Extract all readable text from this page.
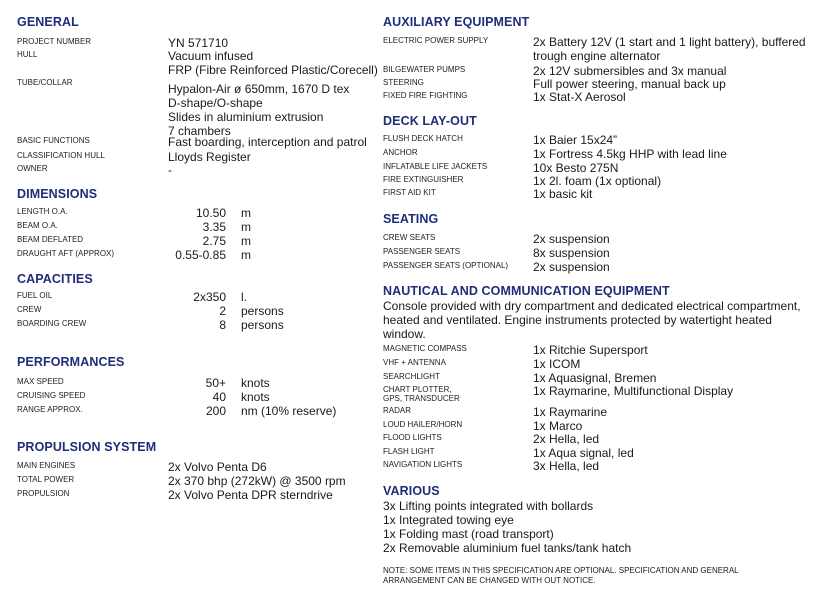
GENERAL
PROJECT NUMBER	YN 571710
HULL	Vacuum infused
FRP (Fibre Reinforced Plastic/Corecell)
TUBE/COLLAR	Hypalon-Air ø 650mm, 1670 D tex
D-shape/O-shape
Slides in aluminium extrusion
7 chambers
BASIC FUNCTIONS	Fast boarding, interception and patrol
CLASSIFICATION HULL	Lloyds Register
OWNER	-
DIMENSIONS
LENGTH O.A.	10.50	m
BEAM O.A.	3.35	m
BEAM DEFLATED	2.75	m
DRAUGHT AFT (APPROX)	0.55-0.85	m
CAPACITIES
FUEL OIL	2x350	l.
CREW	2	persons
BOARDING CREW	8	persons
PERFORMANCES
MAX SPEED	50+	knots
CRUISING SPEED	40	knots
RANGE APPROX.	200	nm (10% reserve)
PROPULSION SYSTEM
MAIN ENGINES	2x Volvo Penta D6
TOTAL POWER	2x 370 bhp (272kW) @ 3500 rpm
PROPULSION	2x Volvo Penta DPR sterndrive
AUXILIARY EQUIPMENT
ELECTRIC POWER SUPPLY	2x Battery 12V (1 start and 1 light battery), buffered
trough engine alternator
BILGEWATER PUMPS	2x 12V submersibles and 3x manual
STEERING	Full power steering, manual back up
FIXED FIRE FIGHTING	1x Stat-X Aerosol
DECK LAY-OUT
FLUSH DECK HATCH	1x Baier 15x24”
ANCHOR	1x Fortress 4.5kg HHP with lead line
INFLATABLE LIFE JACKETS	10x Besto 275N
FIRE EXTINGUISHER	1x 2l. foam (1x optional)
FIRST AID KIT	1x basic kit
SEATING
CREW SEATS	2x suspension
PASSENGER SEATS	8x suspension
PASSENGER SEATS (OPTIONAL)	2x suspension
NAUTICAL AND COMMUNICATION EQUIPMENT
Console provided with dry compartment and dedicated electrical compartment,
heated and ventilated. Engine instruments protected by watertight heated
window.
MAGNETIC COMPASS	1x Ritchie Supersport
VHF + ANTENNA	1x ICOM
SEARCHLIGHT	1x Aquasignal, Bremen
CHART PLOTTER, GPS, TRANSDUCER
1x Raymarine, Multifunctional Display
RADAR	1x Raymarine
LOUD HAILER/HORN	1x Marco
FLOOD LIGHTS	2x Hella, led
FLASH LIGHT	1x Aqua signal, led
NAVIGATION LIGHTS	3x Hella, led
VARIOUS
3x Lifting points integrated with bollards
1x Integrated towing eye
1x Folding mast (road transport)
2x Removable aluminium fuel tanks/tank hatch
NOTE: SOME ITEMS IN THIS SPECIFICATION ARE OPTIONAL. SPECIFICATION AND GENERAL
ARRANGEMENT CAN BE CHANGED WITH OUT NOTICE.
